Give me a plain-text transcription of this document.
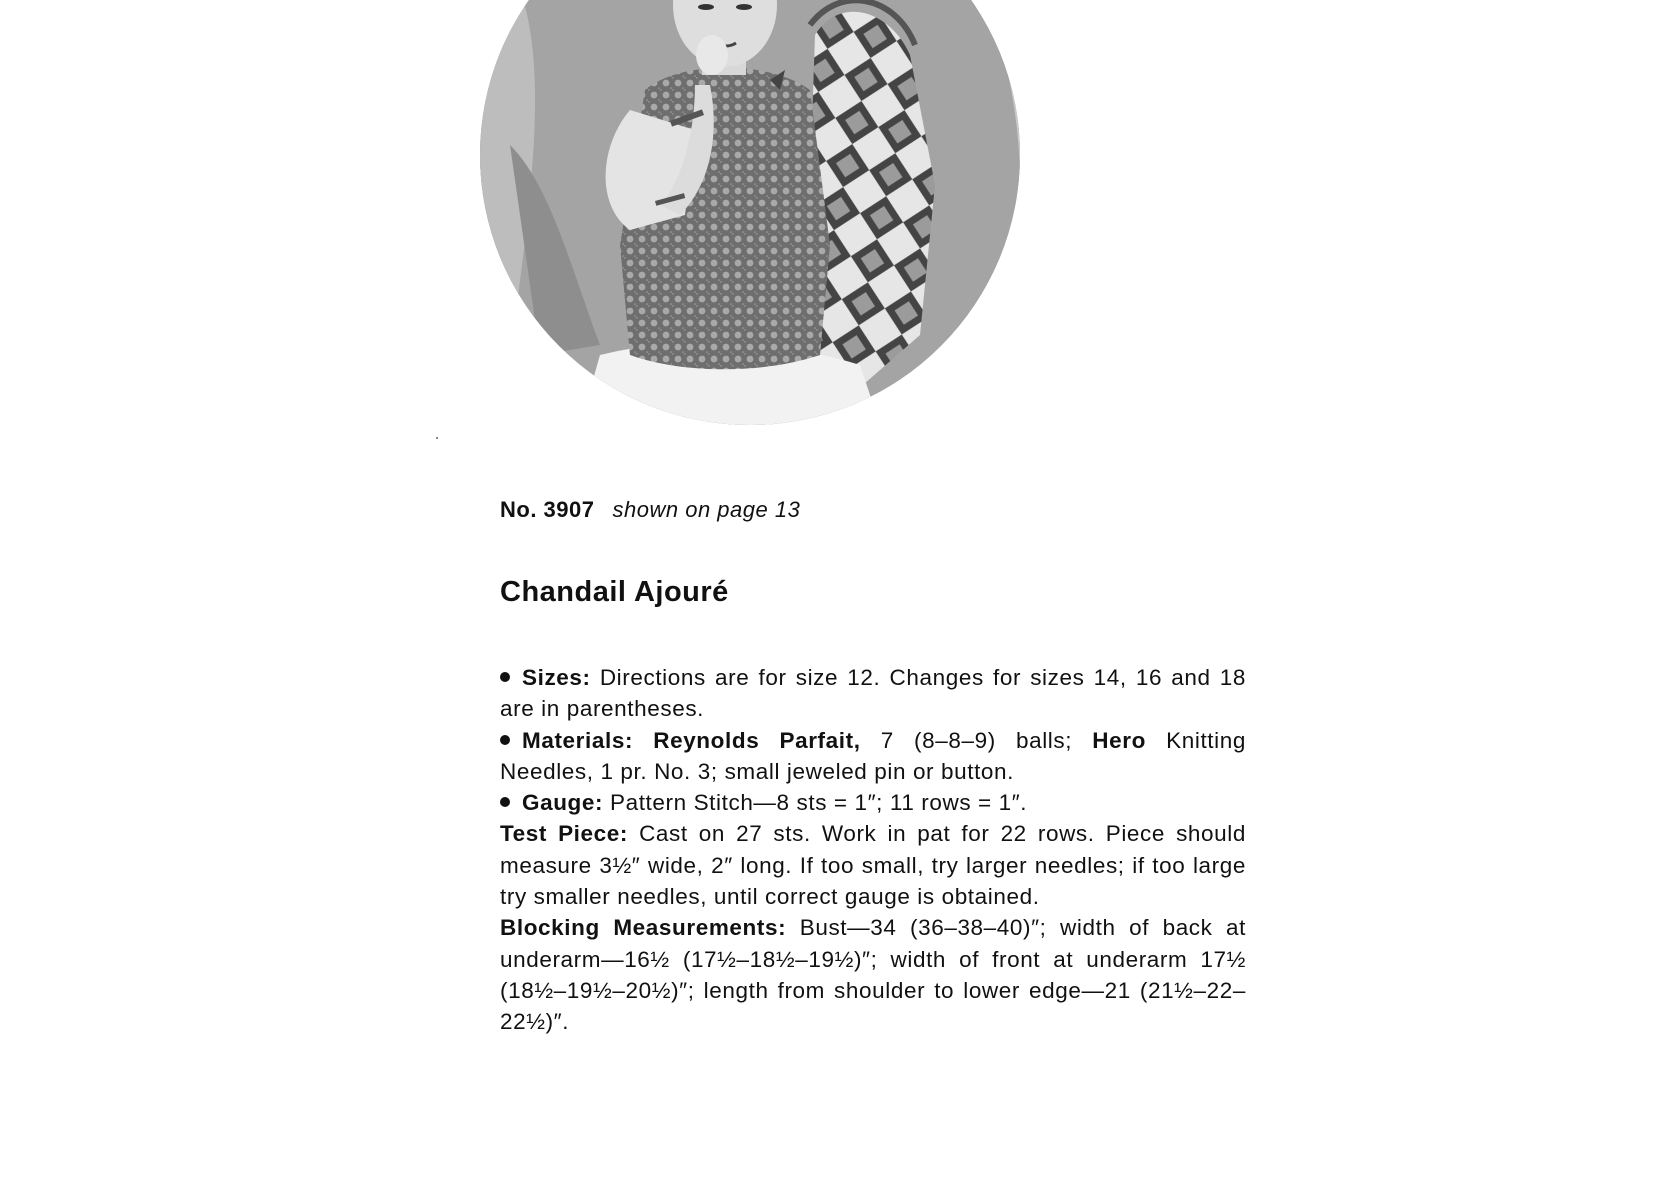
No. 3907 shown on page 13
Chandail Ajouré

Sizes: Directions are for size 12. Changes for sizes 14, 16 and 18 are in parentheses.

Materials: Reynolds Parfait, 7 (8–8–9) balls; Hero Knitting Needles, 1 pr. No. 3; small jeweled pin or button.

Gauge: Pattern Stitch—8 sts = 1″; 11 rows = 1″.

Test Piece: Cast on 27 sts. Work in pat for 22 rows. Piece should measure 3½″ wide, 2″ long. If too small, try larger needles; if too large try smaller needles, until correct gauge is obtained.

Blocking Measurements: Bust—34 (36–38–40)″; width of back at underarm—16½ (17½–18½–19½)″; width of front at underarm 17½ (18½–19½–20½)″; length from shoulder to lower edge—21 (21½–22–22½)″.
